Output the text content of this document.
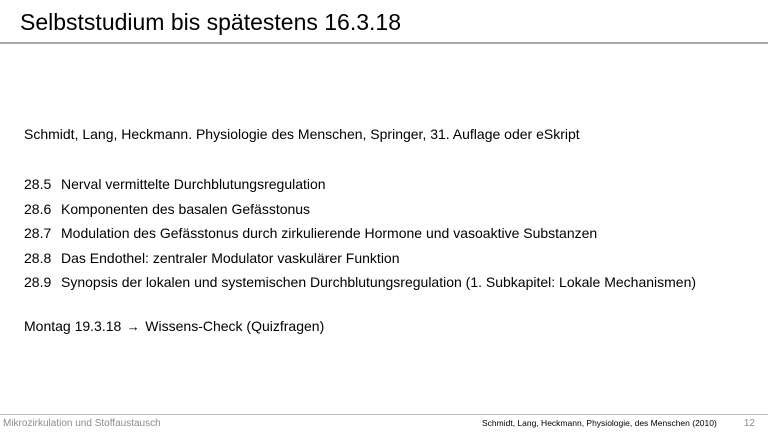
Selbststudium bis spätestens 16.3.18
Schmidt, Lang, Heckmann. Physiologie des Menschen, Springer, 31. Auflage oder eSkript
28.5 Nerval vermittelte Durchblutungsregulation
28.6 Komponenten des basalen Gefässtonus
28.7 Modulation des Gefässtonus durch zirkulierende Hormone und vasoaktive Substanzen
28.8 Das Endothel: zentraler Modulator vaskulärer Funktion
28.9 Synopsis der lokalen und systemischen Durchblutungsregulation (1. Subkapitel: Lokale Mechanismen)
Montag 19.3.18 → Wissens-Check (Quizfragen)
Mikrozirkulation und Stoffaustausch	Schmidt, Lang, Heckmann, Physiologie, des Menschen (2010)	12
